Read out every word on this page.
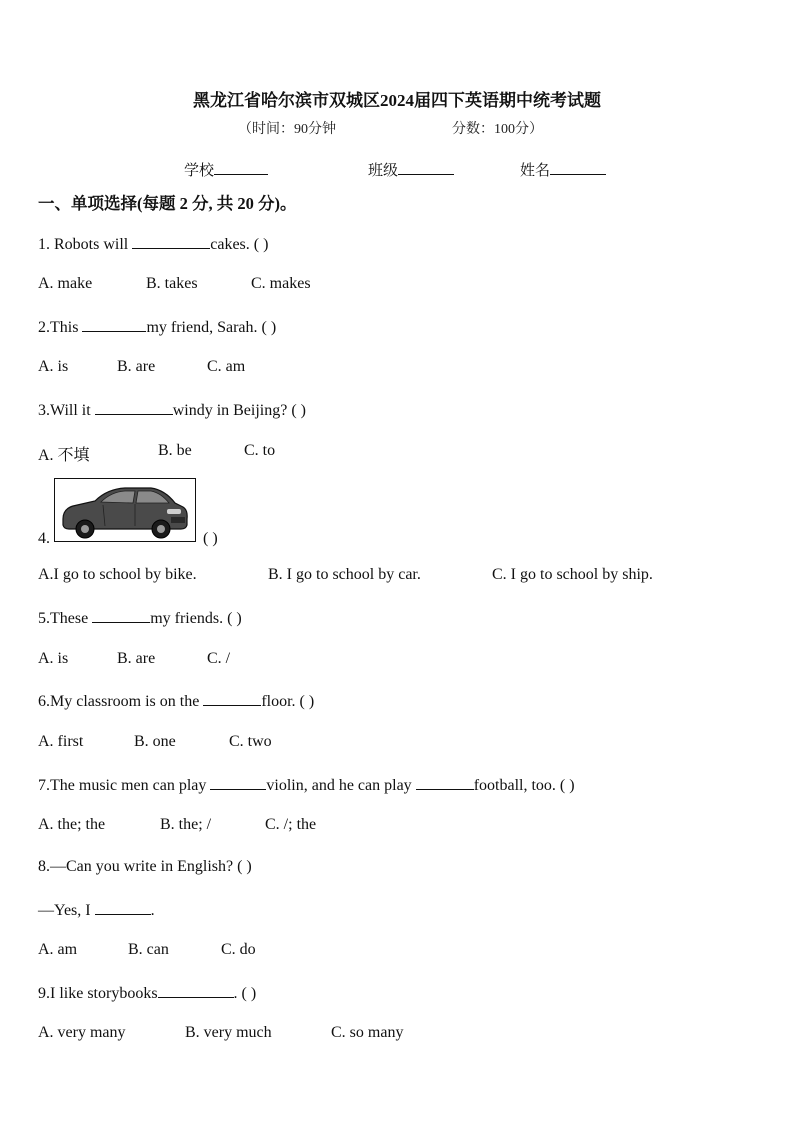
黑龙江省哈尔滨市双城区2024届四下英语期中统考试题
（时间：90分钟	分数：100分）
学校	班级	姓名
一、单项选择(每题 2 分, 共 20 分)。
1. Robots will	cakes. ( )
A. make	B. takes	C. makes
2.This	my friend, Sarah. ( )
A. is	B. are	C. am
3.Will it	windy in Beijing? ( )
A. 不填	B. be	C. to
4.	( )
A.I go to school by bike.	B. I go to school by car.	C. I go to school by ship.
5.These	my friends. ( )
A. is	B. are	C. /
6.My classroom is on the	floor. ( )
A. first	B. one	C. two
7.The music men can play	violin, and he can play	football, too. ( )
A. the; the	B. the; /	C. /; the
8.—Can you write in English? ( )
—Yes, I	.
A. am	B. can	C. do
9.I like storybooks	. ( )
A. very many	B. very much	C. so many
